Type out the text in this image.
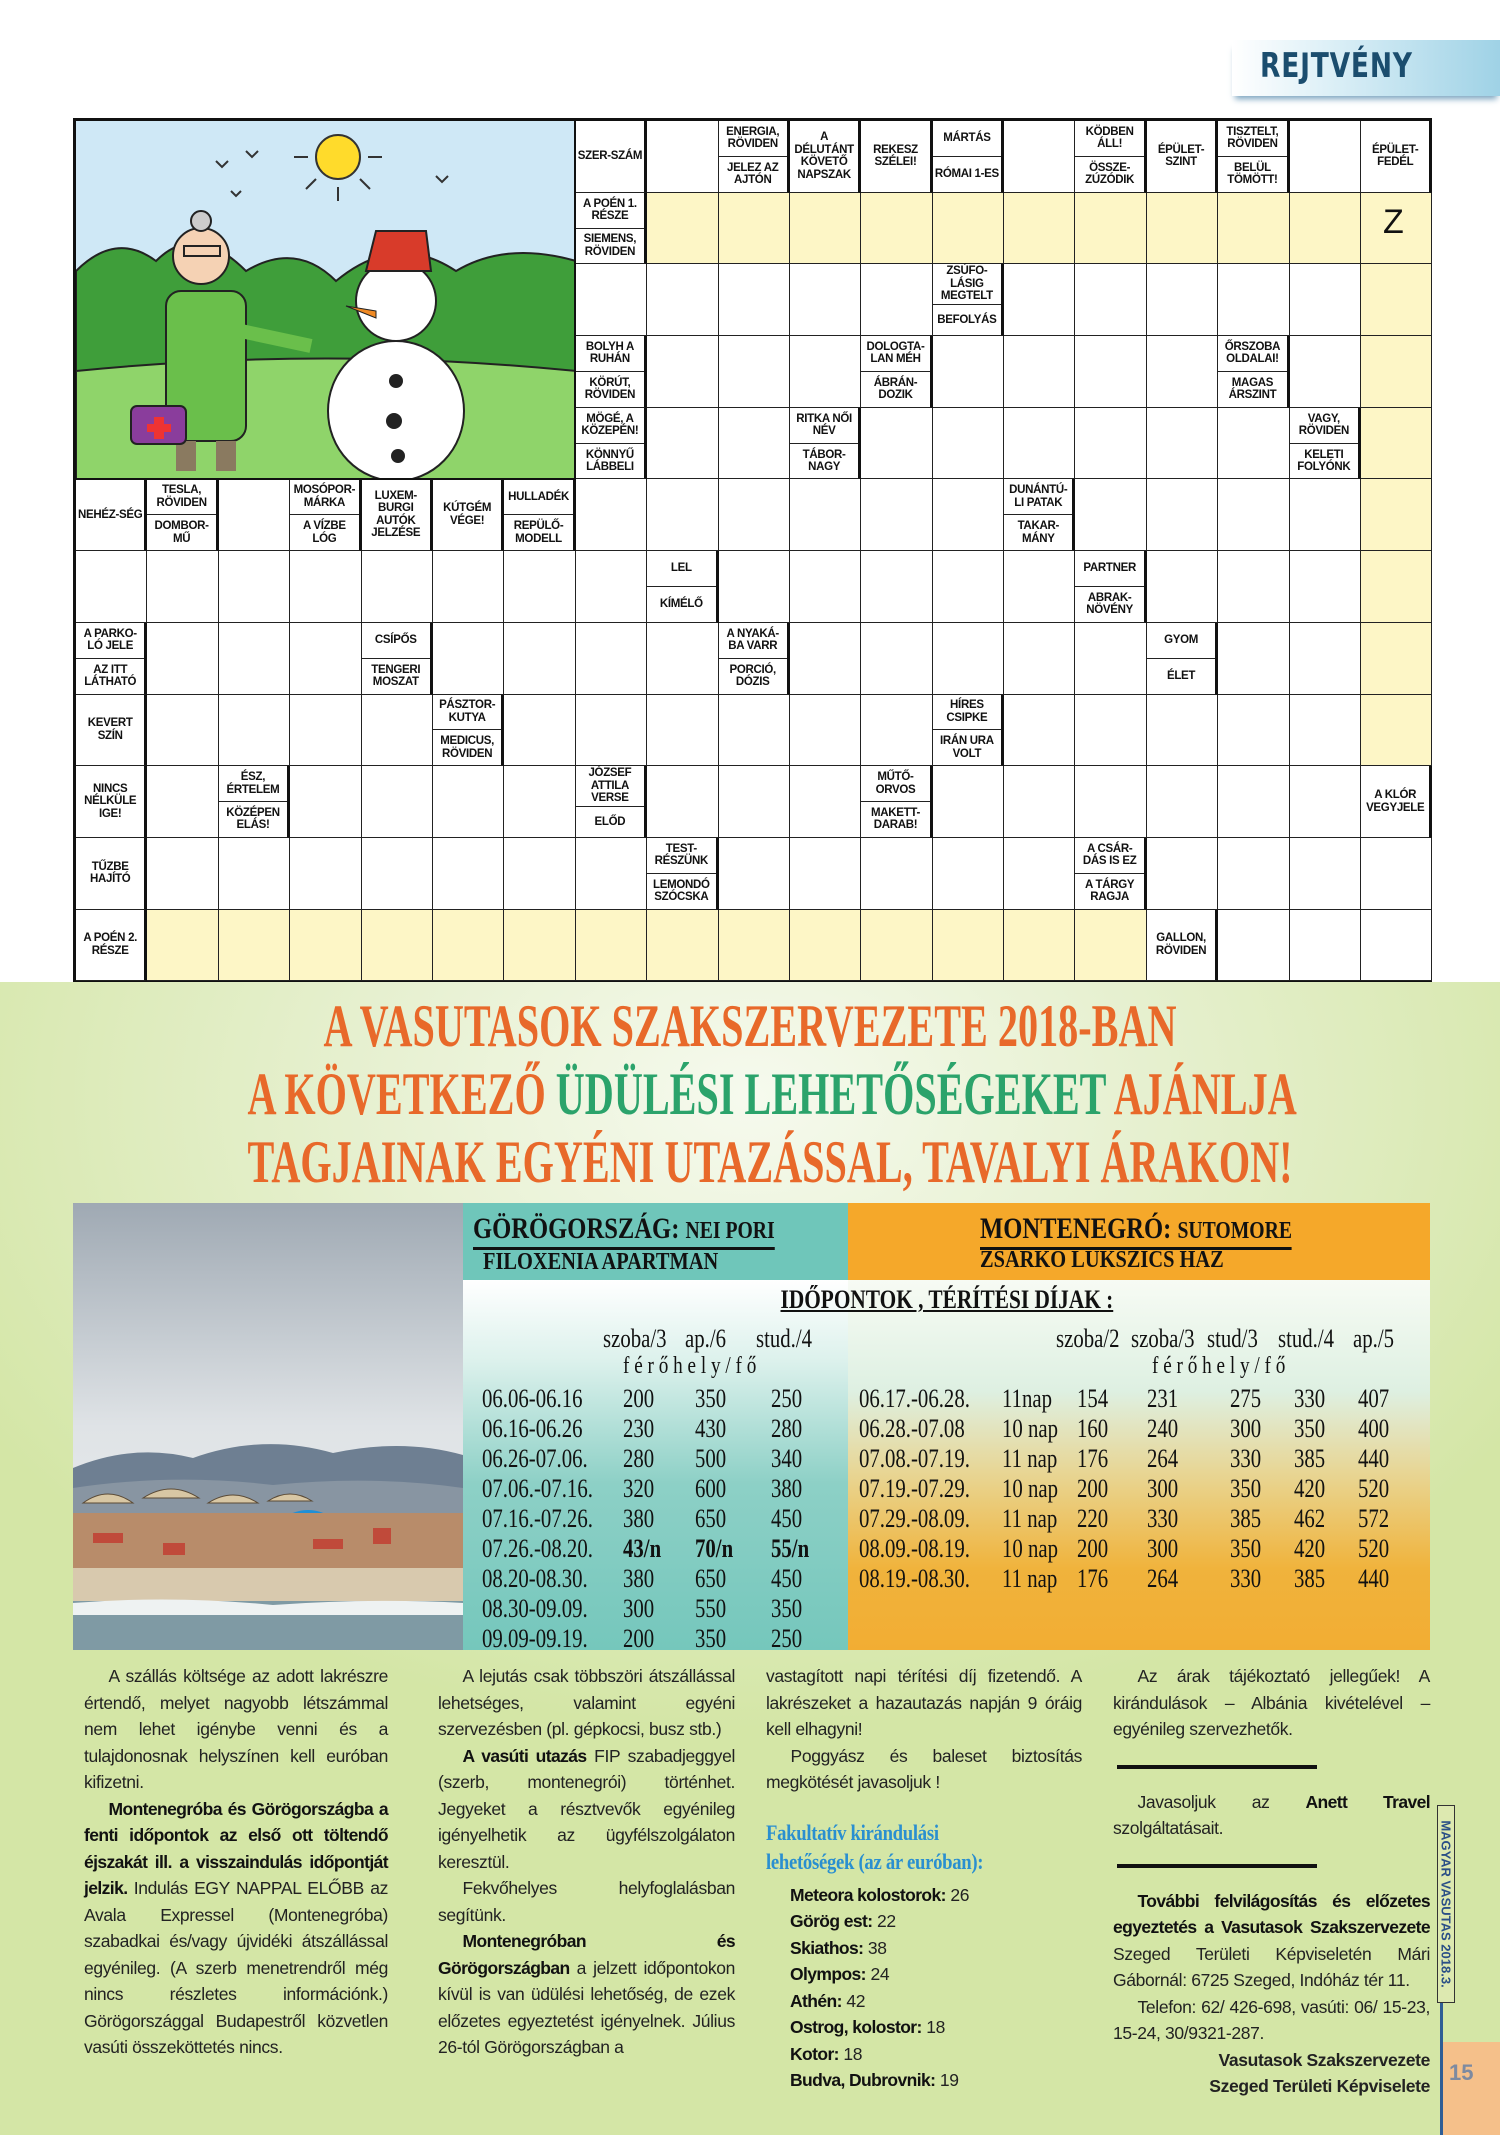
REJTVÉNY
SZER-SZÁM
ENERGIA, RÖVIDEN
JELEZ AZ AJTÓN
A DÉLUTÁNT KÖVETŐ NAPSZAK
REKESZ SZÉLEI!
MÁRTÁS
RÓMAI 1-ES
KÖDBEN ÁLL!
ÖSSZE-ZÚZÓDIK
ÉPÜLET-SZINT
TISZTELT, RÖVIDEN
BELÜL TÖMÖTT!
ÉPÜLET-FEDÉL
A POÉN 1. RÉSZE
SIEMENS, RÖVIDEN
Z
ZSÚFO-LÁSIG MEGTELT
BEFOLYÁS
BOLYH A RUHÁN
KÖRÚT, RÖVIDEN
DOLOGTA-LAN MÉH
ÁBRÁN-DOZIK
ŐRSZOBA OLDALAI!
MAGAS ÁRSZINT
MÖGÉ, A KÖZEPÉN!
KÖNNYŰ LÁBBELI
RITKA NŐI NÉV
TÁBOR-NAGY
VAGY, RÖVIDEN
KELETI FOLYÓNK
NEHÉZ-SÉG
TESLA, RÖVIDEN
DOMBOR-MŰ
MOSÓPOR-MÁRKA
A VÍZBE LÓG
LUXEM-BURGI AUTÓK JELZÉSE
KÚTGÉM VÉGE!
HULLADÉK
REPÜLŐ-MODELL
DUNÁNTÚ-LI PATAK
TAKAR-MÁNY
LEL
KÍMÉLŐ
PARTNER
ABRAK-NÖVÉNY
A PARKO-LÓ JELE
AZ ITT LÁTHATÓ
CSÍPŐS
TENGERI MOSZAT
A NYAKÁ-BA VARR
PORCIÓ, DÓZIS
GYOM
ÉLET
KEVERT SZÍN
PÁSZTOR-KUTYA
MEDICUS, RÖVIDEN
HÍRES CSIPKE
IRÁN URA VOLT
NINCS NÉLKÜLE IGE!
ÉSZ, ÉRTELEM
KÖZÉPEN ELÁS!
JÓZSEF ATTILA VERSE
ELŐD
MŰTŐ-ORVOS
MAKETT-DARAB!
A KLÓR VEGYJELE
TŰZBE HAJÍTÓ
TEST-RÉSZÜNK
LEMONDÓ SZÓCSKA
A CSÁR-DÁS IS EZ
A TÁRGY RAGJA
A POÉN 2. RÉSZE
GALLON, RÖVIDEN
A VASUTASOK SZAKSZERVEZETE 2018-BAN
A KÖVETKEZŐ ÜDÜLÉSI LEHETŐSÉGEKET AJÁNLJA
TAGJAINAK EGYÉNI UTAZÁSSAL, TAVALYI ÁRAKON!
GÖRÖGORSZÁG: NEI PORI
FILOXENIA APARTMAN
MONTENEGRÓ: SUTOMORE
ZSÁRKO LUKSZICS HÁZ
IDŐPONTOK , TÉRÍTÉSI DÍJAK :
szoba/3 ap./6 stud./4
férőhely/fő
06.06-06.16 200 350 250
06.16-06.26 230 430 280
06.26-07.06. 280 500 340
07.06.-07.16. 320 600 380
07.16.-07.26. 380 650 450
07.26.-08.20. 43/n 70/n 55/n
08.20-08.30. 380 650 450
08.30-09.09. 300 550 350
09.09-09.19. 200 350 250
szoba/2 szoba/3 stud/3 stud./4 ap./5
férőhely/fő
06.17.-06.28. 11nap 154 231 275 330 407
06.28.-07.08 10 nap 160 240 300 350 400
07.08.-07.19. 11 nap 176 264 330 385 440
07.19.-07.29. 10 nap 200 300 350 420 520
07.29.-08.09. 11 nap 220 330 385 462 572
08.09.-08.19. 10 nap 200 300 350 420 520
08.19.-08.30. 11 nap 176 264 330 385 440

A szállás költsége az adott lakrészre értendő, melyet nagyobb létszámmal nem lehet igénybe venni és a tulajdonosnak helyszínen kell euróban kifizetni.

Montenegróba és Görögországba a fenti időpontok az első ott töltendő éjszakát ill. a visszaindulás időpontját jelzik. Indulás EGY NAPPAL ELŐBB az Avala Expressel (Montenegróba) szabadkai és/vagy újvidéki átszállással egyénileg. (A szerb menetrendről még nincs részletes információnk.) Görögországgal Budapestről közvetlen vasúti összeköttetés nincs.

A lejutás csak többszöri átszállással lehetséges, valamint egyéni szervezésben (pl. gépkocsi, busz stb.)

A vasúti utazás FIP szabadjeggyel (szerb, montenegrói) történhet. Jegyeket a résztvevők egyénileg igényelhetik az ügyfélszolgálaton keresztül.

Fekvőhelyes helyfoglalásban segítünk.

Montenegróban és Görögországban a jelzett időpontokon kívül is van üdülési lehetőség, de ezek előzetes egyeztetést igényelnek. Július 26-tól Görögországban a

vastagított napi térítési díj fizetendő. A lakrészeket a hazautazás napján 9 óráig kell elhagyni!

Poggyász és baleset biztosítás megkötését javasoljuk !

Fakultatív kirándulási
lehetőségek (az ár euróban):
Meteora kolostorok: 26
Görög est: 22
Skiathos: 38
Olympos: 24
Athén: 42
Ostrog, kolostor: 18
Kotor: 18
Budva, Dubrovnik: 19

Az árak tájékoztató jellegűek! A kirándulások – Albánia kivételével – egyénileg szervezhetők.

Javasoljuk az Anett Travel szolgáltatásait.

További felvilágosítás és előzetes egyeztetés a Vasutasok Szakszervezete Szeged Területi Képviseletén Mári Gábornál: 6725 Szeged, Indóház tér 11.

Telefon: 62/ 426-698, vasúti: 06/ 15-23, 15-24, 30/9321-287.

Vasutasok Szakszervezete
Szeged Területi Képviselete
MAGYAR VASUTAS 2018.3.
15
